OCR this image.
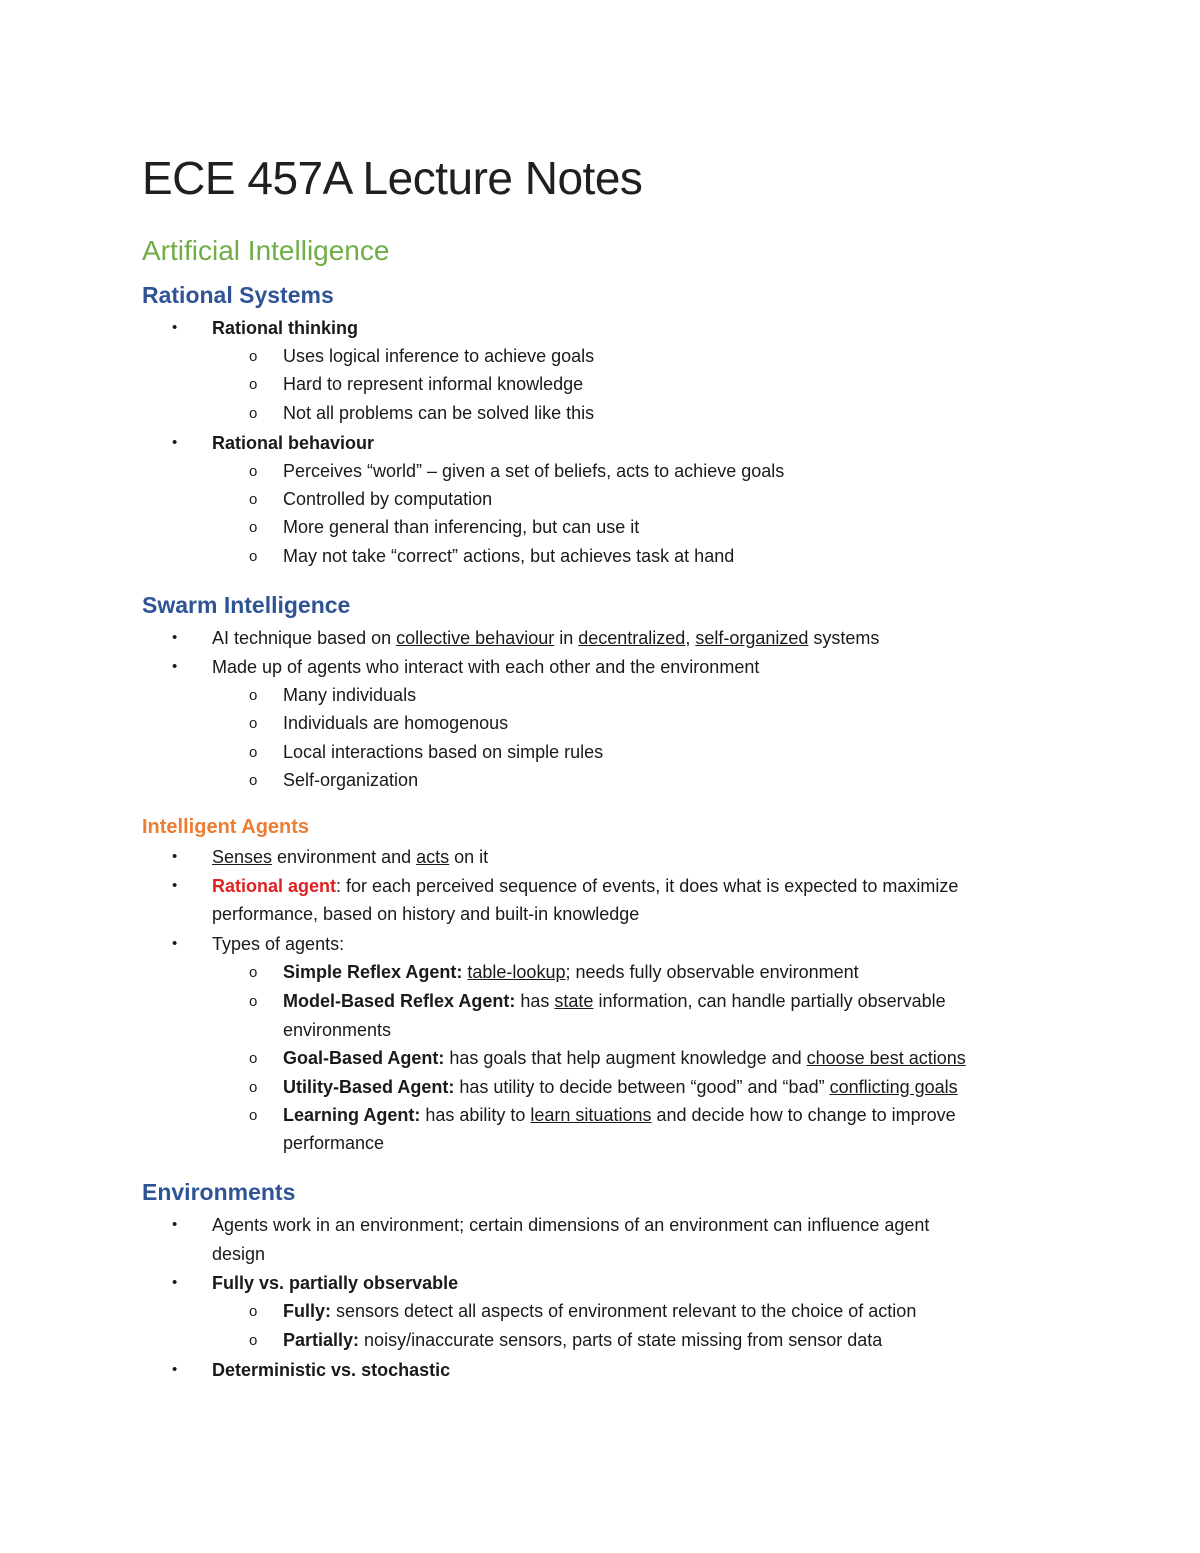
ECE 457A Lecture Notes
Artificial Intelligence
Rational Systems
• Rational thinking
o Uses logical inference to achieve goals
o Hard to represent informal knowledge
o Not all problems can be solved like this
• Rational behaviour
o Perceives “world” – given a set of beliefs, acts to achieve goals
o Controlled by computation
o More general than inferencing, but can use it
o May not take “correct” actions, but achieves task at hand
Swarm Intelligence
• AI technique based on collective behaviour in decentralized, self-organized systems
• Made up of agents who interact with each other and the environment
o Many individuals
o Individuals are homogenous
o Local interactions based on simple rules
o Self-organization
Intelligent Agents
• Senses environment and acts on it
• Rational agent: for each perceived sequence of events, it does what is expected to maximize
performance, based on history and built-in knowledge
• Types of agents:
o Simple Reflex Agent: table-lookup; needs fully observable environment
o Model-Based Reflex Agent: has state information, can handle partially observable
environments
o Goal-Based Agent: has goals that help augment knowledge and choose best actions
o Utility-Based Agent: has utility to decide between “good” and “bad” conflicting goals
o Learning Agent: has ability to learn situations and decide how to change to improve
performance
Environments
• Agents work in an environment; certain dimensions of an environment can influence agent
design
• Fully vs. partially observable
o Fully: sensors detect all aspects of environment relevant to the choice of action
o Partially: noisy/inaccurate sensors, parts of state missing from sensor data
• Deterministic vs. stochastic
